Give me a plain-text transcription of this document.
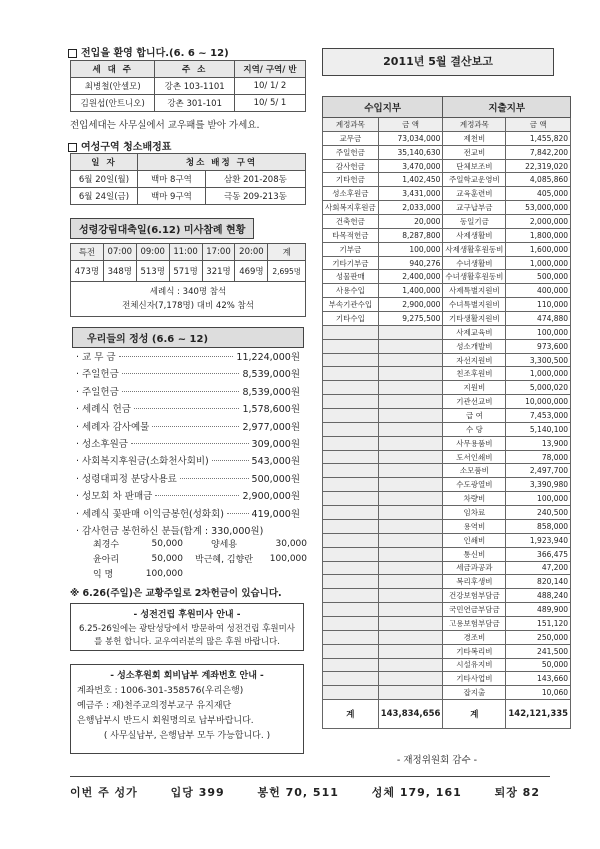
전입을 환영 합니다.(6. 6 ~ 12)
세 대 주	주 소	지역/ 구역/ 반
최병철(안셀모)	강촌 103-1101	10/ 1/ 2
김원섭(안트니오)	강촌 301-101	10/ 5/ 1
전입세대는 사무실에서 교우패를 받아 가세요.
여성구역 청소배정표
일 자	청소 배정 구역	
6월 20일(월)	백마 8구역	삼환 201-208동
6월 24일(금)	백마 9구역	극동 209-213동
성령강림대축일(6.12) 미사참례 현황
특전	07:00	09:00	11:00	17:00	20:00	계
473명	348명	513명	571명	321명	469명	2,695명

세례식 : 340명 참석
전체신자(7,178명) 대비 42% 참석						
우리들의 정성 (6.6 ~ 12)
· 교 무 금	11,224,000원
· 주일헌금	8,539,000원
· 주일헌금	8,539,000원
· 세례식 헌금	1,578,600원
· 세례자 감사예물	2,977,000원
· 성소후원금	309,000원
· 사회복지후원금(소화천사회비)	543,000원
· 성령대피정 분당사용료	500,000원
· 성모회 차 판매금	2,900,000원
· 세례식 꽃판매 이익금봉헌(성화회)	419,000원
· 감사헌금 봉헌하신 분들(합계 : 330,000원)
최경수	50,000	양세용	30,000
윤아리	50,000	박근혜, 김향란	100,000
익 명	100,000		
※ 6.26(주일)은 교황주일로 2차헌금이 있습니다.
- 성전건립 후원미사 안내 -
6.25-26일에는 광탄성당에서 방문하여 성전건립 후원미사를 봉헌 합니다. 교우여러분의 많은 후원 바랍니다.
- 성소후원회 회비납부 계좌번호 안내 -
계좌번호 : 1006-301-358576(우리은행)
예금주 : 재)천주교의정부교구 유지재단
은행납부시 반드시 회원명의로 납부바랍니다.
( 사무실납부, 은행납부 모두 가능합니다. )
2011년 5월 결산보고
수입지부		지출지부	
계정과목	금 액	계정과목	금 액
교무금	73,034,000	제천비	1,455,820
주일헌금	35,140,630	전교비	7,842,200
감사헌금	3,470,000	단체보조비	22,319,020
기타헌금	1,402,450	주일학교운영비	4,085,860
성소후원금	3,431,000	교육훈련비	405,000
사회복지후원금	2,033,000	교구납부금	53,000,000
건축헌금	20,000	동일기금	2,000,000
타목적헌금	8,287,800	사제생활비	1,800,000
기부금	100,000	사제생활후원동비	1,600,000
기타기부금	940,276	수녀생활비	1,000,000
성물판매	2,400,000	수녀생활후원동비	500,000
사용수입	1,400,000	사제특별지원비	400,000
부속기관수입	2,900,000	수녀특별지원비	110,000
기타수입	9,275,500	기타생활지원비	474,880
		사제교육비	100,000
		성소개발비	973,600
		자선지원비	3,300,500
		친조후원비	1,000,000
		지원비	5,000,020
		기관선교비	10,000,000
		급 여	7,453,000
		수 당	5,140,100
		사무용품비	13,900
		도서인쇄비	78,000
		소모품비	2,497,700
		수도광열비	3,390,980
		차량비	100,000
		임차료	240,500
		용역비	858,000
		인쇄비	1,923,940
		통신비	366,475
		세금과공과	47,200
		복리후생비	820,140
		건강보험부담금	488,240
		국민연금부담금	489,900
		고용보험부담금	151,120
		경조비	250,000
		기타복리비	241,500
		시설유지비	50,000
		기타사업비	143,660
		잡지출	10,060
계	143,834,656	계	142,121,335
- 재정위원회 감수 -
이번 주 성가	입당 399	봉헌 70, 511	성체 179, 161	퇴장 82
